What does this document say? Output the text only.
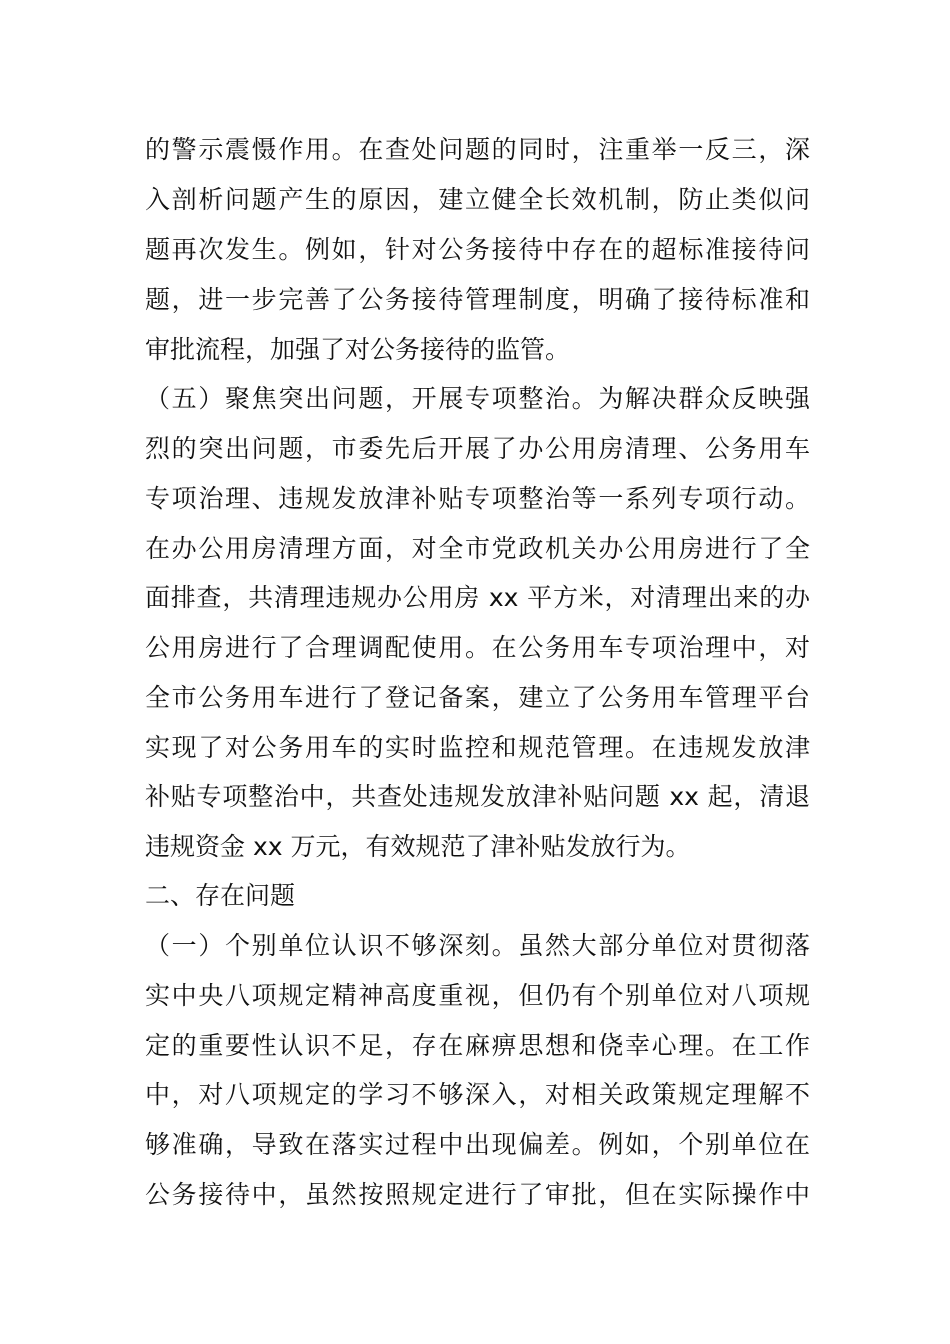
的警示震慑作用。在查处问题的同时，注重举一反三，深
入剖析问题产生的原因，建立健全长效机制，防止类似问
题再次发生。例如，针对公务接待中存在的超标准接待问
题，进一步完善了公务接待管理制度，明确了接待标准和
审批流程，加强了对公务接待的监管。
（五）聚焦突出问题，开展专项整治。为解决群众反映强
烈的突出问题，市委先后开展了办公用房清理、公务用车
专项治理、违规发放津补贴专项整治等一系列专项行动。
在办公用房清理方面，对全市党政机关办公用房进行了全
面排查，共清理违规办公用房 xx 平方米，对清理出来的办
公用房进行了合理调配使用。在公务用车专项治理中，对
全市公务用车进行了登记备案，建立了公务用车管理平台
实现了对公务用车的实时监控和规范管理。在违规发放津
补贴专项整治中，共查处违规发放津补贴问题 xx 起，清退
违规资金 xx 万元，有效规范了津补贴发放行为。
二、存在问题
（一）个别单位认识不够深刻。虽然大部分单位对贯彻落
实中央八项规定精神高度重视，但仍有个别单位对八项规
定的重要性认识不足，存在麻痹思想和侥幸心理。在工作
中，对八项规定的学习不够深入，对相关政策规定理解不
够准确，导致在落实过程中出现偏差。例如，个别单位在
公务接待中，虽然按照规定进行了审批，但在实际操作中
